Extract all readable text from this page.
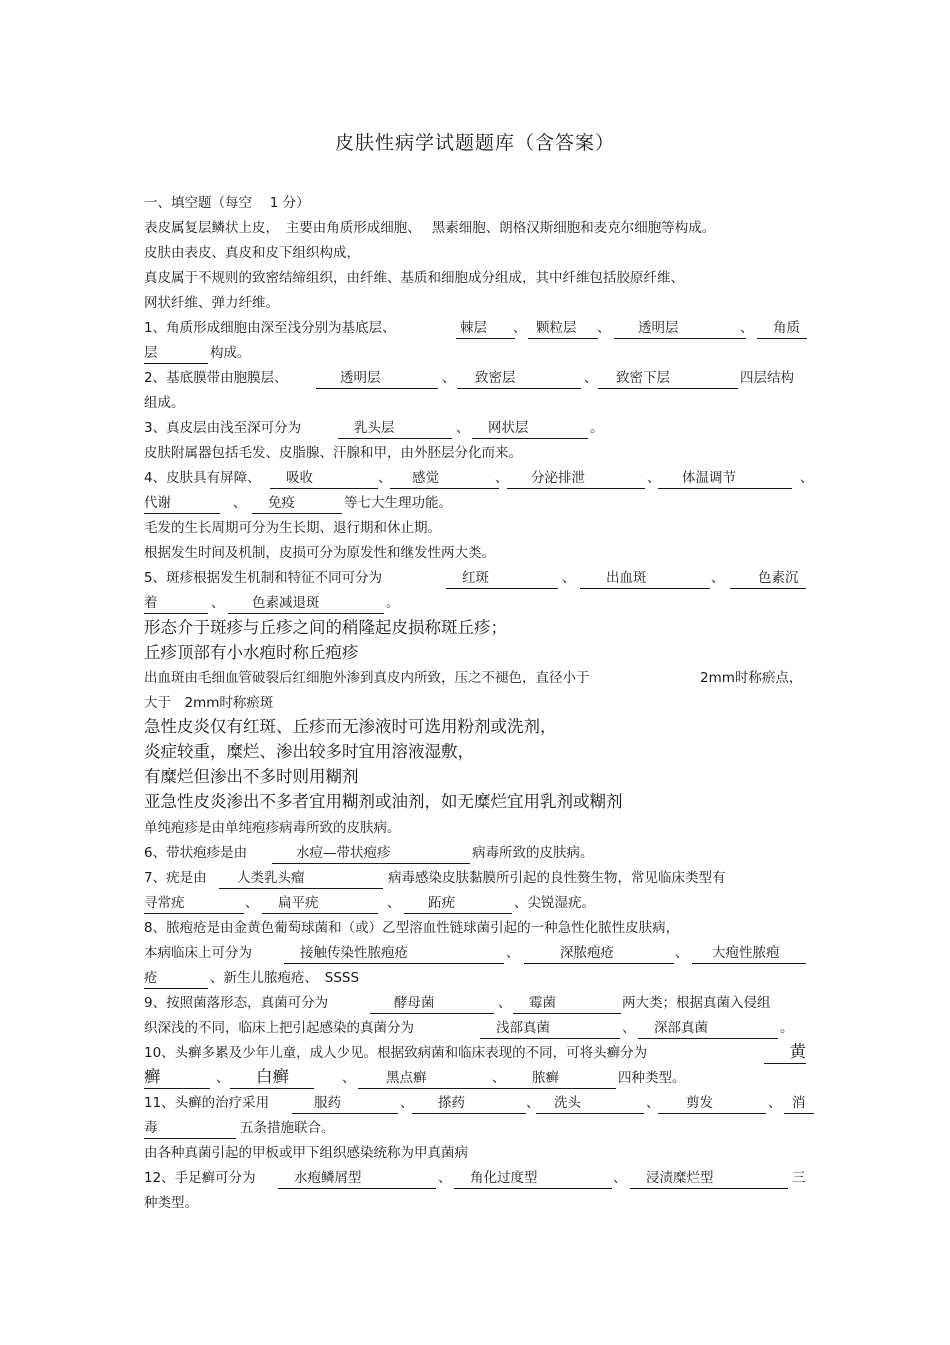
皮肤性病学试题题库（含答案）
一、填空题（每空　 1 分）
表皮属复层鳞状上皮，　主要由角质形成细胞、　 黑素细胞、朗格汉斯细胞和麦克尔细胞等构成。
皮肤由表皮、真皮和皮下组织构成，
真皮属于不规则的致密结缔组织，由纤维、基质和细胞成分组成，其中纤维包括胶原纤维、
网状纤维、弹力纤维。
1、角质形成细胞由深至浅分别为基底层、	棘层	、 颗粒层	、	透明层	、	角质
层	构成。
2、基底膜带由胞膜层、	透明层	、	致密层	、	致密下层	四层结构
组成。
3、真皮层由浅至深可分为	乳头层	、	网状层	。
皮肤附属器包括毛发、皮脂腺、汗腺和甲，由外胚层分化而来。
4、皮肤具有屏障、	吸收	、	感觉	、	分泌排泄	、	体温调节	、
代谢	、	免疫	等七大生理功能。
毛发的生长周期可分为生长期、退行期和休止期。
根据发生时间及机制，皮损可分为原发性和继发性两大类。
5、斑疹根据发生机制和特征不同可分为	红斑	、	出血斑	、	色素沉
着	、	色素减退斑	。
形态介于斑疹与丘疹之间的稍隆起皮损称斑丘疹；
丘疹顶部有小水疱时称丘疱疹
出血斑由毛细血管破裂后红细胞外渗到真皮内所致，压之不褪色，直径小于	2mm时称瘀点，
大于　2mm时称瘀斑
急性皮炎仅有红斑、丘疹而无渗液时可选用粉剂或洗剂，
炎症较重，糜烂、渗出较多时宜用溶液湿敷，
有糜烂但渗出不多时则用糊剂
亚急性皮炎渗出不多者宜用糊剂或油剂，如无糜烂宜用乳剂或糊剂
单纯疱疹是由单纯疱疹病毒所致的皮肤病。
6、带状疱疹是由	水痘—带状疱疹	病毒所致的皮肤病。
7、疣是由	人类乳头瘤	病毒感染皮肤黏膜所引起的良性赘生物，常见临床类型有
寻常疣	、	扁平疣	、	跖疣	、尖锐湿疣。
8、脓疱疮是由金黄色葡萄球菌和（或）乙型溶血性链球菌引起的一种急性化脓性皮肤病，
本病临床上可分为	接触传染性脓疱疮	、	深脓疱疮	、	大疱性脓疱
疮	、新生儿脓疱疮、　SSSS
9、按照菌落形态，真菌可分为	酵母菌	、	霉菌	两大类；根据真菌入侵组
织深浅的不同，临床上把引起感染的真菌分为	浅部真菌	、	深部真菌	。
10、头癣多累及少年儿童，成人少见。根据致病菌和临床表现的不同，可将头癣分为	黄
癣	、	白癣	、	黑点癣	、	脓癣	四种类型。
11、头癣的治疗采用	服药	、	搽药	、	洗头	、	剪发	、 消
毒	五条措施联合。
由各种真菌引起的甲板或甲下组织感染统称为甲真菌病
12、手足癣可分为	水疱鳞屑型	、	角化过度型	、	浸渍糜烂型	三
种类型。
